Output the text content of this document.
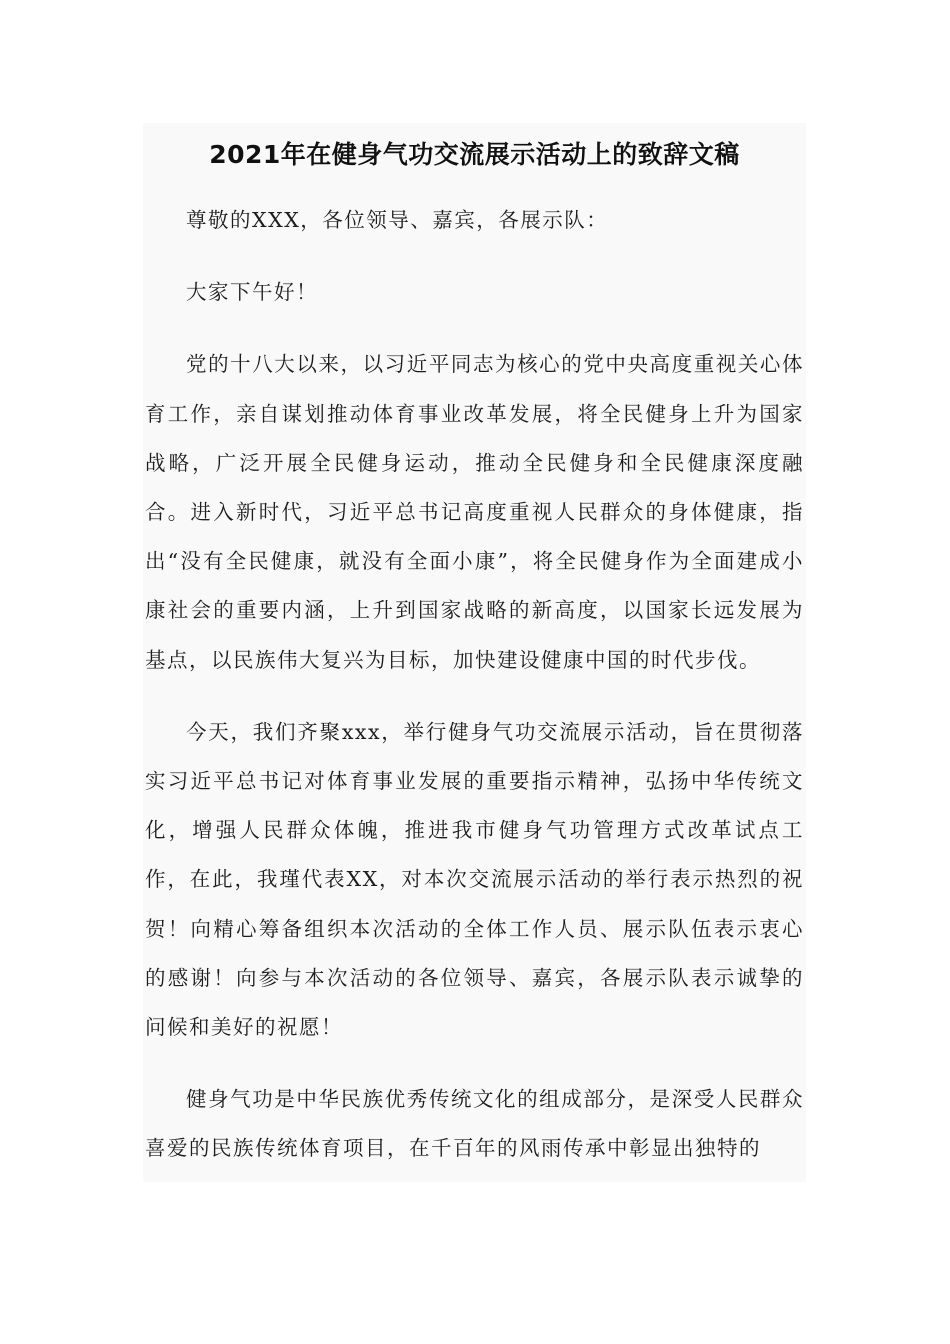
2021年在健身气功交流展示活动上的致辞文稿

尊敬的XXX，各位领导、嘉宾，各展示队：

大家下午好！

党的十八大以来，以习近平同志为核心的党中央高度重视关心体育工作，亲自谋划推动体育事业改革发展，将全民健身上升为国家战略，广泛开展全民健身运动，推动全民健身和全民健康深度融合。进入新时代，习近平总书记高度重视人民群众的身体健康，指出“没有全民健康，就没有全面小康”，将全民健身作为全面建成小康社会的重要内涵，上升到国家战略的新高度，以国家长远发展为基点，以民族伟大复兴为目标，加快建设健康中国的时代步伐。

今天，我们齐聚xxx，举行健身气功交流展示活动，旨在贯彻落实习近平总书记对体育事业发展的重要指示精神，弘扬中华传统文化，增强人民群众体魄，推进我市健身气功管理方式改革试点工作，在此，我瑾代表XX，对本次交流展示活动的举行表示热烈的祝贺！向精心筹备组织本次活动的全体工作人员、展示队伍表示衷心的感谢！向参与本次活动的各位领导、嘉宾，各展示队表示诚挚的问候和美好的祝愿！

健身气功是中华民族优秀传统文化的组成部分，是深受人民群众喜爱的民族传统体育项目，在千百年的风雨传承中彰显出独特的
